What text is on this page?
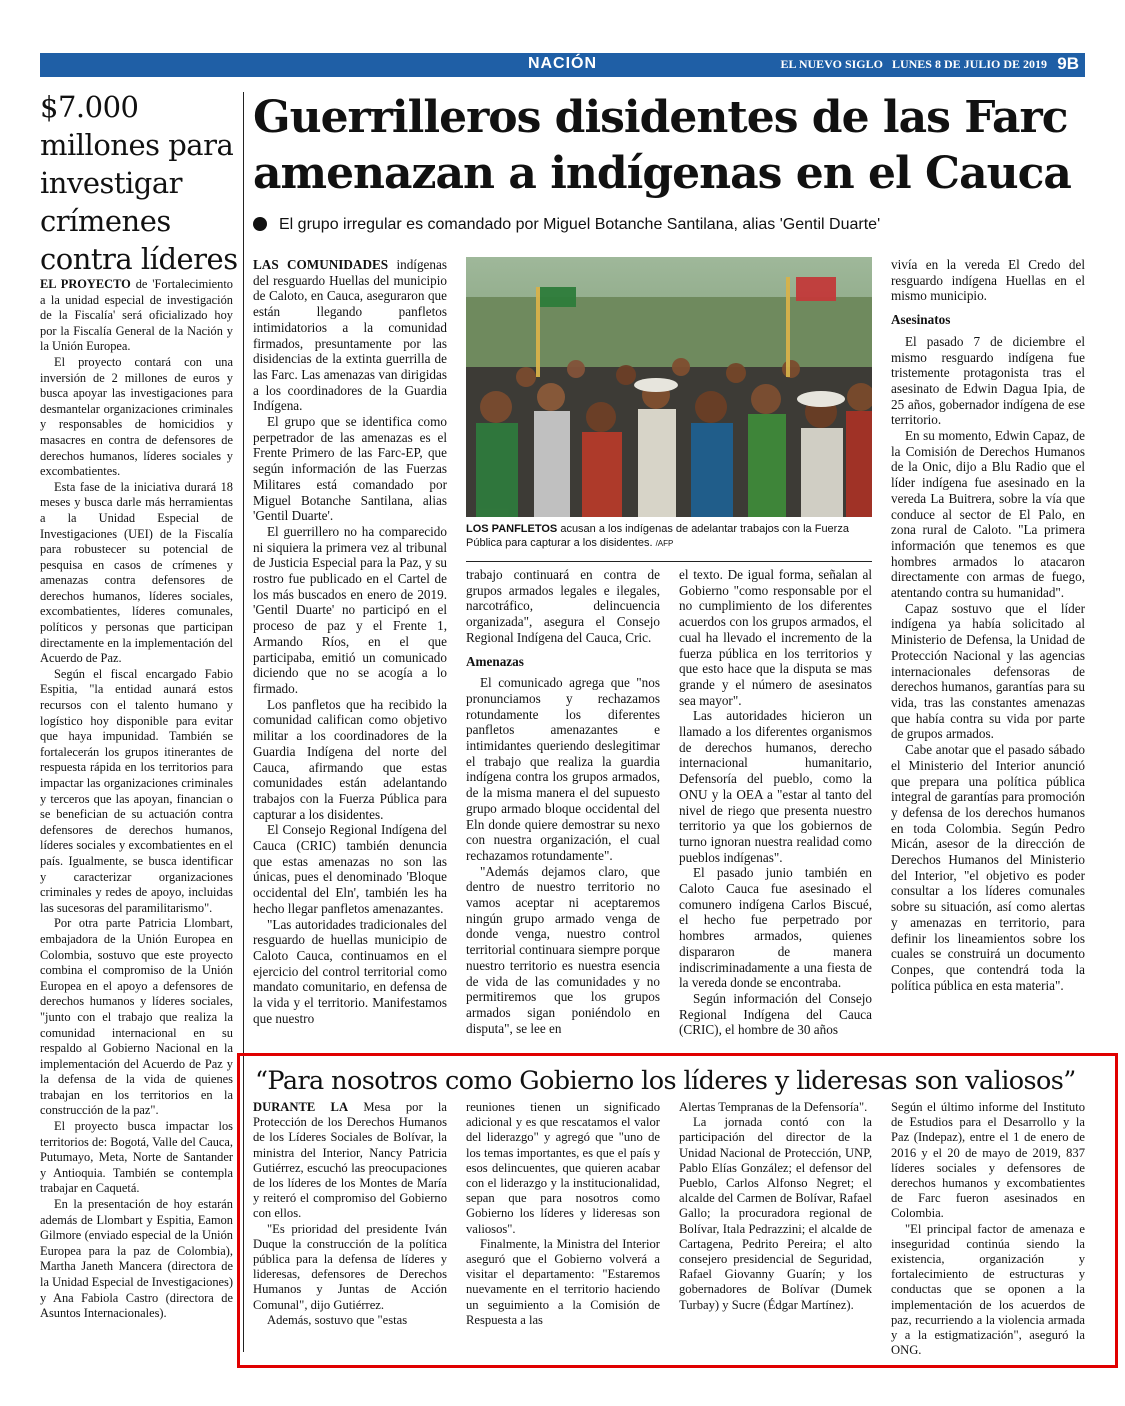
NACIÓN	EL NUEVO SIGLO LUNES 8 DE JULIO DE 2019 9B
$7.000 millones para investigar crímenes contra líderes

EL PROYECTO de 'Fortalecimiento a la unidad especial de investigación de la Fiscalía' será oficializado hoy por la Fiscalía General de la Nación y la Unión Europea.

El proyecto contará con una inversión de 2 millones de euros y busca apoyar las investigaciones para desmantelar organizaciones criminales y responsables de homicidios y masacres en contra de defensores de derechos humanos, líderes sociales y excombatientes.

Esta fase de la iniciativa durará 18 meses y busca darle más herramientas a la Unidad Especial de Investigaciones (UEI) de la Fiscalía para robustecer su potencial de pesquisa en casos de crímenes y amenazas contra defensores de derechos humanos, líderes sociales, excombatientes, líderes comunales, políticos y personas que participan directamente en la implementación del Acuerdo de Paz.

Según el fiscal encargado Fabio Espitia, "la entidad aunará estos recursos con el talento humano y logístico hoy disponible para evitar que haya impunidad. También se fortalecerán los grupos itinerantes de respuesta rápida en los territorios para impactar las organizaciones criminales y terceros que las apoyan, financian o se benefician de su actuación contra defensores de derechos humanos, líderes sociales y excombatientes en el país. Igualmente, se busca identificar y caracterizar organizaciones criminales y redes de apoyo, incluidas las sucesoras del paramilitarismo".

Por otra parte Patricia Llombart, embajadora de la Unión Europea en Colombia, sostuvo que este proyecto combina el compromiso de la Unión Europea en el apoyo a defensores de derechos humanos y líderes sociales, "junto con el trabajo que realiza la comunidad internacional en su respaldo al Gobierno Nacional en la implementación del Acuerdo de Paz y la defensa de la vida de quienes trabajan en los territorios en la construcción de la paz".

El proyecto busca impactar los territorios de: Bogotá, Valle del Cauca, Putumayo, Meta, Norte de Santander y Antioquia. También se contempla trabajar en Caquetá.

En la presentación de hoy estarán además de Llombart y Espitia, Eamon Gilmore (enviado especial de la Unión Europea para la paz de Colombia), Martha Janeth Mancera (directora de la Unidad Especial de Investigaciones) y Ana Fabiola Castro (directora de Asuntos Internacionales).

Guerrilleros disidentes de las Farc
amenazan a indígenas en el Cauca
El grupo irregular es comandado por Miguel Botanche Santilana, alias 'Gentil Duarte'

LAS COMUNIDADES indígenas del resguardo Huellas del municipio de Caloto, en Cauca, aseguraron que están llegando panfletos intimidatorios a la comunidad firmados, presuntamente por las disidencias de la extinta guerrilla de las Farc. Las amenazas van dirigidas a los coordinadores de la Guardia Indígena.

El grupo que se identifica como perpetrador de las amenazas es el Frente Primero de las Farc-EP, que según información de las Fuerzas Militares está comandado por Miguel Botanche Santilana, alias 'Gentil Duarte'.

El guerrillero no ha comparecido ni siquiera la primera vez al tribunal de Justicia Especial para la Paz, y su rostro fue publicado en el Cartel de los más buscados en enero de 2019. 'Gentil Duarte' no participó en el proceso de paz y el Frente 1, Armando Ríos, en el que participaba, emitió un comunicado diciendo que no se acogía a lo firmado.

Los panfletos que ha recibido la comunidad califican como objetivo militar a los coordinadores de la Guardia Indígena del norte del Cauca, afirmando que estas comunidades están adelantando trabajos con la Fuerza Pública para capturar a los disidentes.

El Consejo Regional Indígena del Cauca (CRIC) también denuncia que estas amenazas no son las únicas, pues el denominado 'Bloque occidental del Eln', también les ha hecho llegar panfletos amenazantes.

"Las autoridades tradicionales del resguardo de huellas municipio de Caloto Cauca, continuamos en el ejercicio del control territorial como mandato comunitario, en defensa de la vida y el territorio. Manifestamos que nuestro

LOS PANFLETOS acusan a los indígenas de adelantar trabajos con la Fuerza Pública para capturar a los disidentes. /AFP

trabajo continuará en contra de grupos armados legales e ilegales, narcotráfico, delincuencia organizada", asegura el Consejo Regional Indígena del Cauca, Cric.

Amenazas

El comunicado agrega que "nos pronunciamos y rechazamos rotundamente los diferentes panfletos amenazantes e intimidantes queriendo deslegitimar el trabajo que realiza la guardia indígena contra los grupos armados, de la misma manera el del supuesto grupo armado bloque occidental del Eln donde quiere demostrar su nexo con nuestra organización, el cual rechazamos rotundamente".

"Además dejamos claro, que dentro de nuestro territorio no vamos aceptar ni aceptaremos ningún grupo armado venga de donde venga, nuestro control territorial continuara siempre porque nuestro territorio es nuestra esencia de vida de las comunidades y no permitiremos que los grupos armados sigan poniéndolo en disputa", se lee en

el texto. De igual forma, señalan al Gobierno "como responsable por el no cumplimiento de los diferentes acuerdos con los grupos armados, el cual ha llevado el incremento de la fuerza pública en los territorios y que esto hace que la disputa se mas grande y el número de asesinatos sea mayor".

Las autoridades hicieron un llamado a los diferentes organismos de derechos humanos, derecho internacional humanitario, Defensoría del pueblo, como la ONU y la OEA a "estar al tanto del nivel de riego que presenta nuestro territorio ya que los gobiernos de turno ignoran nuestra realidad como pueblos indígenas".

El pasado junio también en Caloto Cauca fue asesinado el comunero indígena Carlos Biscué, el hecho fue perpetrado por hombres armados, quienes dispararon de manera indiscriminadamente a una fiesta de la vereda donde se encontraba.

Según información del Consejo Regional Indígena del Cauca (CRIC), el hombre de 30 años

vivía en la vereda El Credo del resguardo indígena Huellas en el mismo municipio.

Asesinatos

El pasado 7 de diciembre el mismo resguardo indígena fue tristemente protagonista tras el asesinato de Edwin Dagua Ipia, de 25 años, gobernador indígena de ese territorio.

En su momento, Edwin Capaz, de la Comisión de Derechos Humanos de la Onic, dijo a Blu Radio que el líder indígena fue asesinado en la vereda La Buitrera, sobre la vía que conduce al sector de El Palo, en zona rural de Caloto. "La primera información que tenemos es que hombres armados lo atacaron directamente con armas de fuego, atentando contra su humanidad".

Capaz sostuvo que el líder indígena ya había solicitado al Ministerio de Defensa, la Unidad de Protección Nacional y las agencias internacionales defensoras de derechos humanos, garantías para su vida, tras las constantes amenazas que había contra su vida por parte de grupos armados.

Cabe anotar que el pasado sábado el Ministerio del Interior anunció que prepara una política pública integral de garantías para promoción y defensa de los derechos humanos en toda Colombia. Según Pedro Micán, asesor de la dirección de Derechos Humanos del Ministerio del Interior, "el objetivo es poder consultar a los líderes comunales sobre su situación, así como alertas y amenazas en territorio, para definir los lineamientos sobre los cuales se construirá un documento Conpes, que contendrá toda la política pública en esta materia".

“Para nosotros como Gobierno los líderes y lideresas son valiosos”

DURANTE LA Mesa por la Protección de los Derechos Humanos de los Líderes Sociales de Bolívar, la ministra del Interior, Nancy Patricia Gutiérrez, escuchó las preocupaciones de los líderes de los Montes de María y reiteró el compromiso del Gobierno con ellos.

"Es prioridad del presidente Iván Duque la construcción de la política pública para la defensa de líderes y lideresas, defensores de Derechos Humanos y Juntas de Acción Comunal", dijo Gutiérrez.

Además, sostuvo que "estas

reuniones tienen un significado adicional y es que rescatamos el valor del liderazgo" y agregó que "uno de los temas importantes, es que el país y esos delincuentes, que quieren acabar con el liderazgo y la institucionalidad, sepan que para nosotros como Gobierno los líderes y lideresas son valiosos".

Finalmente, la Ministra del Interior aseguró que el Gobierno volverá a visitar el departamento: "Estaremos nuevamente en el territorio haciendo un seguimiento a la Comisión de Respuesta a las

Alertas Tempranas de la Defensoría".

La jornada contó con la participación del director de la Unidad Nacional de Protección, UNP, Pablo Elías González; el defensor del Pueblo, Carlos Alfonso Negret; el alcalde del Carmen de Bolívar, Rafael Gallo; la procuradora regional de Bolívar, Itala Pedrazzini; el alcalde de Cartagena, Pedrito Pereira; el alto consejero presidencial de Seguridad, Rafael Giovanny Guarín; y los gobernadores de Bolívar (Dumek Turbay) y Sucre (Édgar Martínez).

Según el último informe del Instituto de Estudios para el Desarrollo y la Paz (Indepaz), entre el 1 de enero de 2016 y el 20 de mayo de 2019, 837 líderes sociales y defensores de derechos humanos y excombatientes de Farc fueron asesinados en Colombia.

"El principal factor de amenaza e inseguridad continúa siendo la existencia, organización y fortalecimiento de estructuras y conductas que se oponen a la implementación de los acuerdos de paz, recurriendo a la violencia armada y a la estigmatización", aseguró la ONG.
